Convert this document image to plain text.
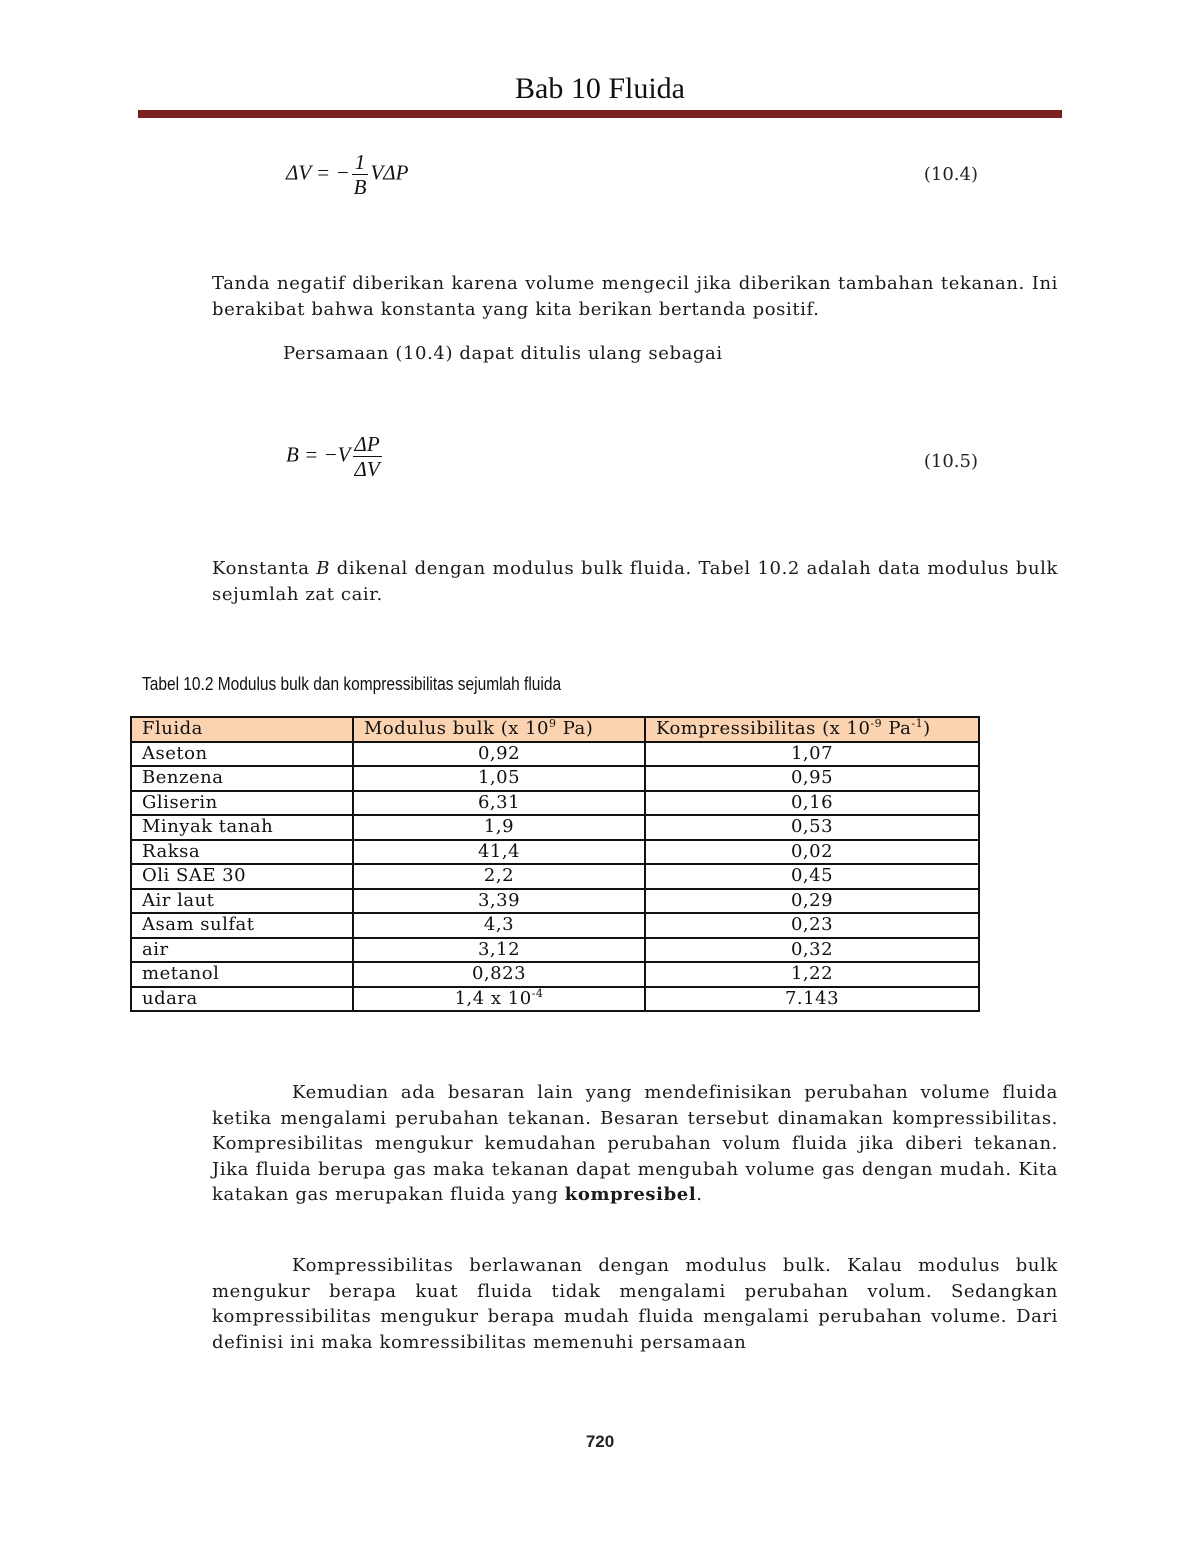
Bab 10 Fluida
ΔV = − $\frac{1}{B}$ VΔP	(10.4)
Tanda negatif diberikan karena volume mengecil jika diberikan tambahan tekanan. Ini berakibat bahwa konstanta yang kita berikan bertanda positif.
Persamaan (10.4) dapat ditulis ulang sebagai
$B = -V \frac{\Delta P}{\Delta V}$	(10.5)
Konstanta B dikenal dengan modulus bulk fluida. Tabel 10.2 adalah data modulus bulk sejumlah zat cair.
Tabel 10.2 Modulus bulk dan kompressibilitas sejumlah fluida
Fluida	Modulus bulk (x $10^9$ Pa)	Kompressibilitas (x $10^{-9}$ $Pa^{-1}$)
Aseton	0,92	1,07
Benzena	1,05	0,95
Gliserin	6,31	0,16
Minyak tanah	1,9	0,53
Raksa	41,4	0,02
Oli SAE 30	2,2	0,45
Air laut	3,39	0,29
Asam sulfat	4,3	0,23
air	3,12	0,32
metanol	0,823	1,22
udara	1,4 x $10^{-4}$	7.143
Kemudian ada besaran lain yang mendefinisikan perubahan volume fluida ketika mengalami perubahan tekanan. Besaran tersebut dinamakan kompressibilitas. Kompresibilitas mengukur kemudahan perubahan volum fluida jika diberi tekanan. Jika fluida berupa gas maka tekanan dapat mengubah volume gas dengan mudah. Kita katakan gas merupakan fluida yang kompresibel.
Kompressibilitas berlawanan dengan modulus bulk. Kalau modulus bulk mengukur berapa kuat fluida tidak mengalami perubahan volum. Sedangkan kompressibilitas mengukur berapa mudah fluida mengalami perubahan volume. Dari definisi ini maka komressibilitas memenuhi persamaan
720
